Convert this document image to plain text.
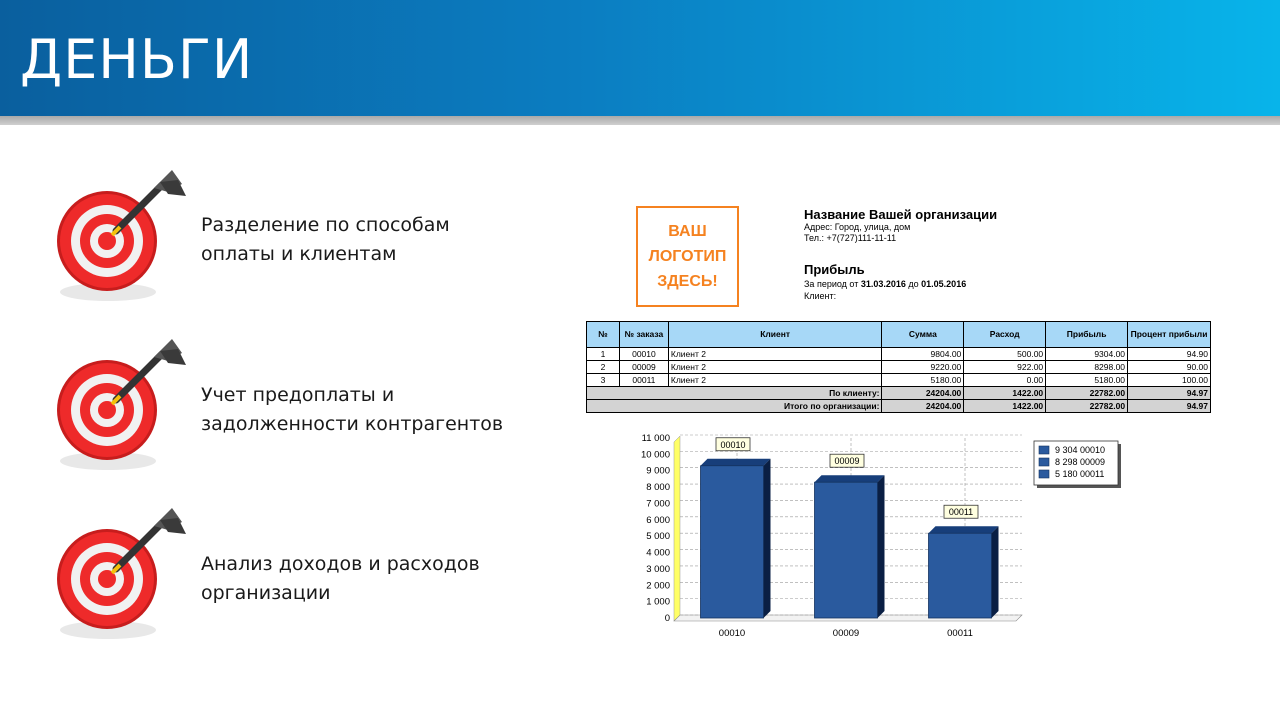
ДЕНЬГИ
Разделение по способам
оплаты и клиентам
Учет предоплаты и
задолженности контрагентов
Анализ доходов и расходов
организации
ВАШ
ЛОГОТИП
ЗДЕСЬ!
Название Вашей организации
Адрес: Город, улица, дом
Тел.: +7(727)111-11-11
Прибыль
За период от 31.03.2016 до 01.05.2016
Клиент:
№	№ заказа	Клиент	Сумма	Расход	Прибыль	Процент прибыли
1	00010	Клиент 2	9804.00	500.00	9304.00	94.90
2	00009	Клиент 2	9220.00	922.00	8298.00	90.00
3	00011	Клиент 2	5180.00	0.00	5180.00	100.00
По клиенту:			24204.00	1422.00	22782.00	94.97
Итого по организации:			24204.00	1422.00	22782.00	94.97
0
1 000
2 000
3 000
4 000
5 000
6 000
7 000
8 000
9 000
10 000
11 000
00010
00010
00009
00009
00011
00011
9 304 00010
8 298 00009
5 180 00011
